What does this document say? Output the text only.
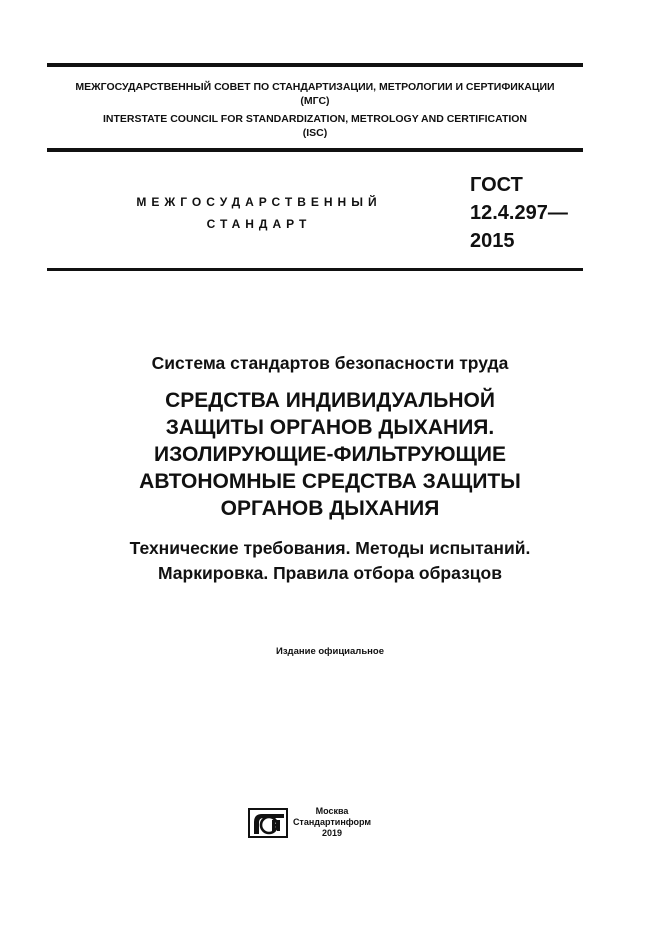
МЕЖГОСУДАРСТВЕННЫЙ СОВЕТ ПО СТАНДАРТИЗАЦИИ, МЕТРОЛОГИИ И СЕРТИФИКАЦИИ
(МГС)
INTERSTATE COUNCIL FOR STANDARDIZATION, METROLOGY AND CERTIFICATION
(ISC)
МЕЖГОСУДАРСТВЕННЫЙ
СТАНДАРТ
ГОСТ
12.4.297—
2015
Система стандартов безопасности труда
СРЕДСТВА ИНДИВИДУАЛЬНОЙ
ЗАЩИТЫ ОРГАНОВ ДЫХАНИЯ.
ИЗОЛИРУЮЩИЕ-ФИЛЬТРУЮЩИЕ
АВТОНОМНЫЕ СРЕДСТВА ЗАЩИТЫ
ОРГАНОВ ДЫХАНИЯ
Технические требования. Методы испытаний.
Маркировка. Правила отбора образцов
Издание официальное
Москва
Стандартинформ
2019
